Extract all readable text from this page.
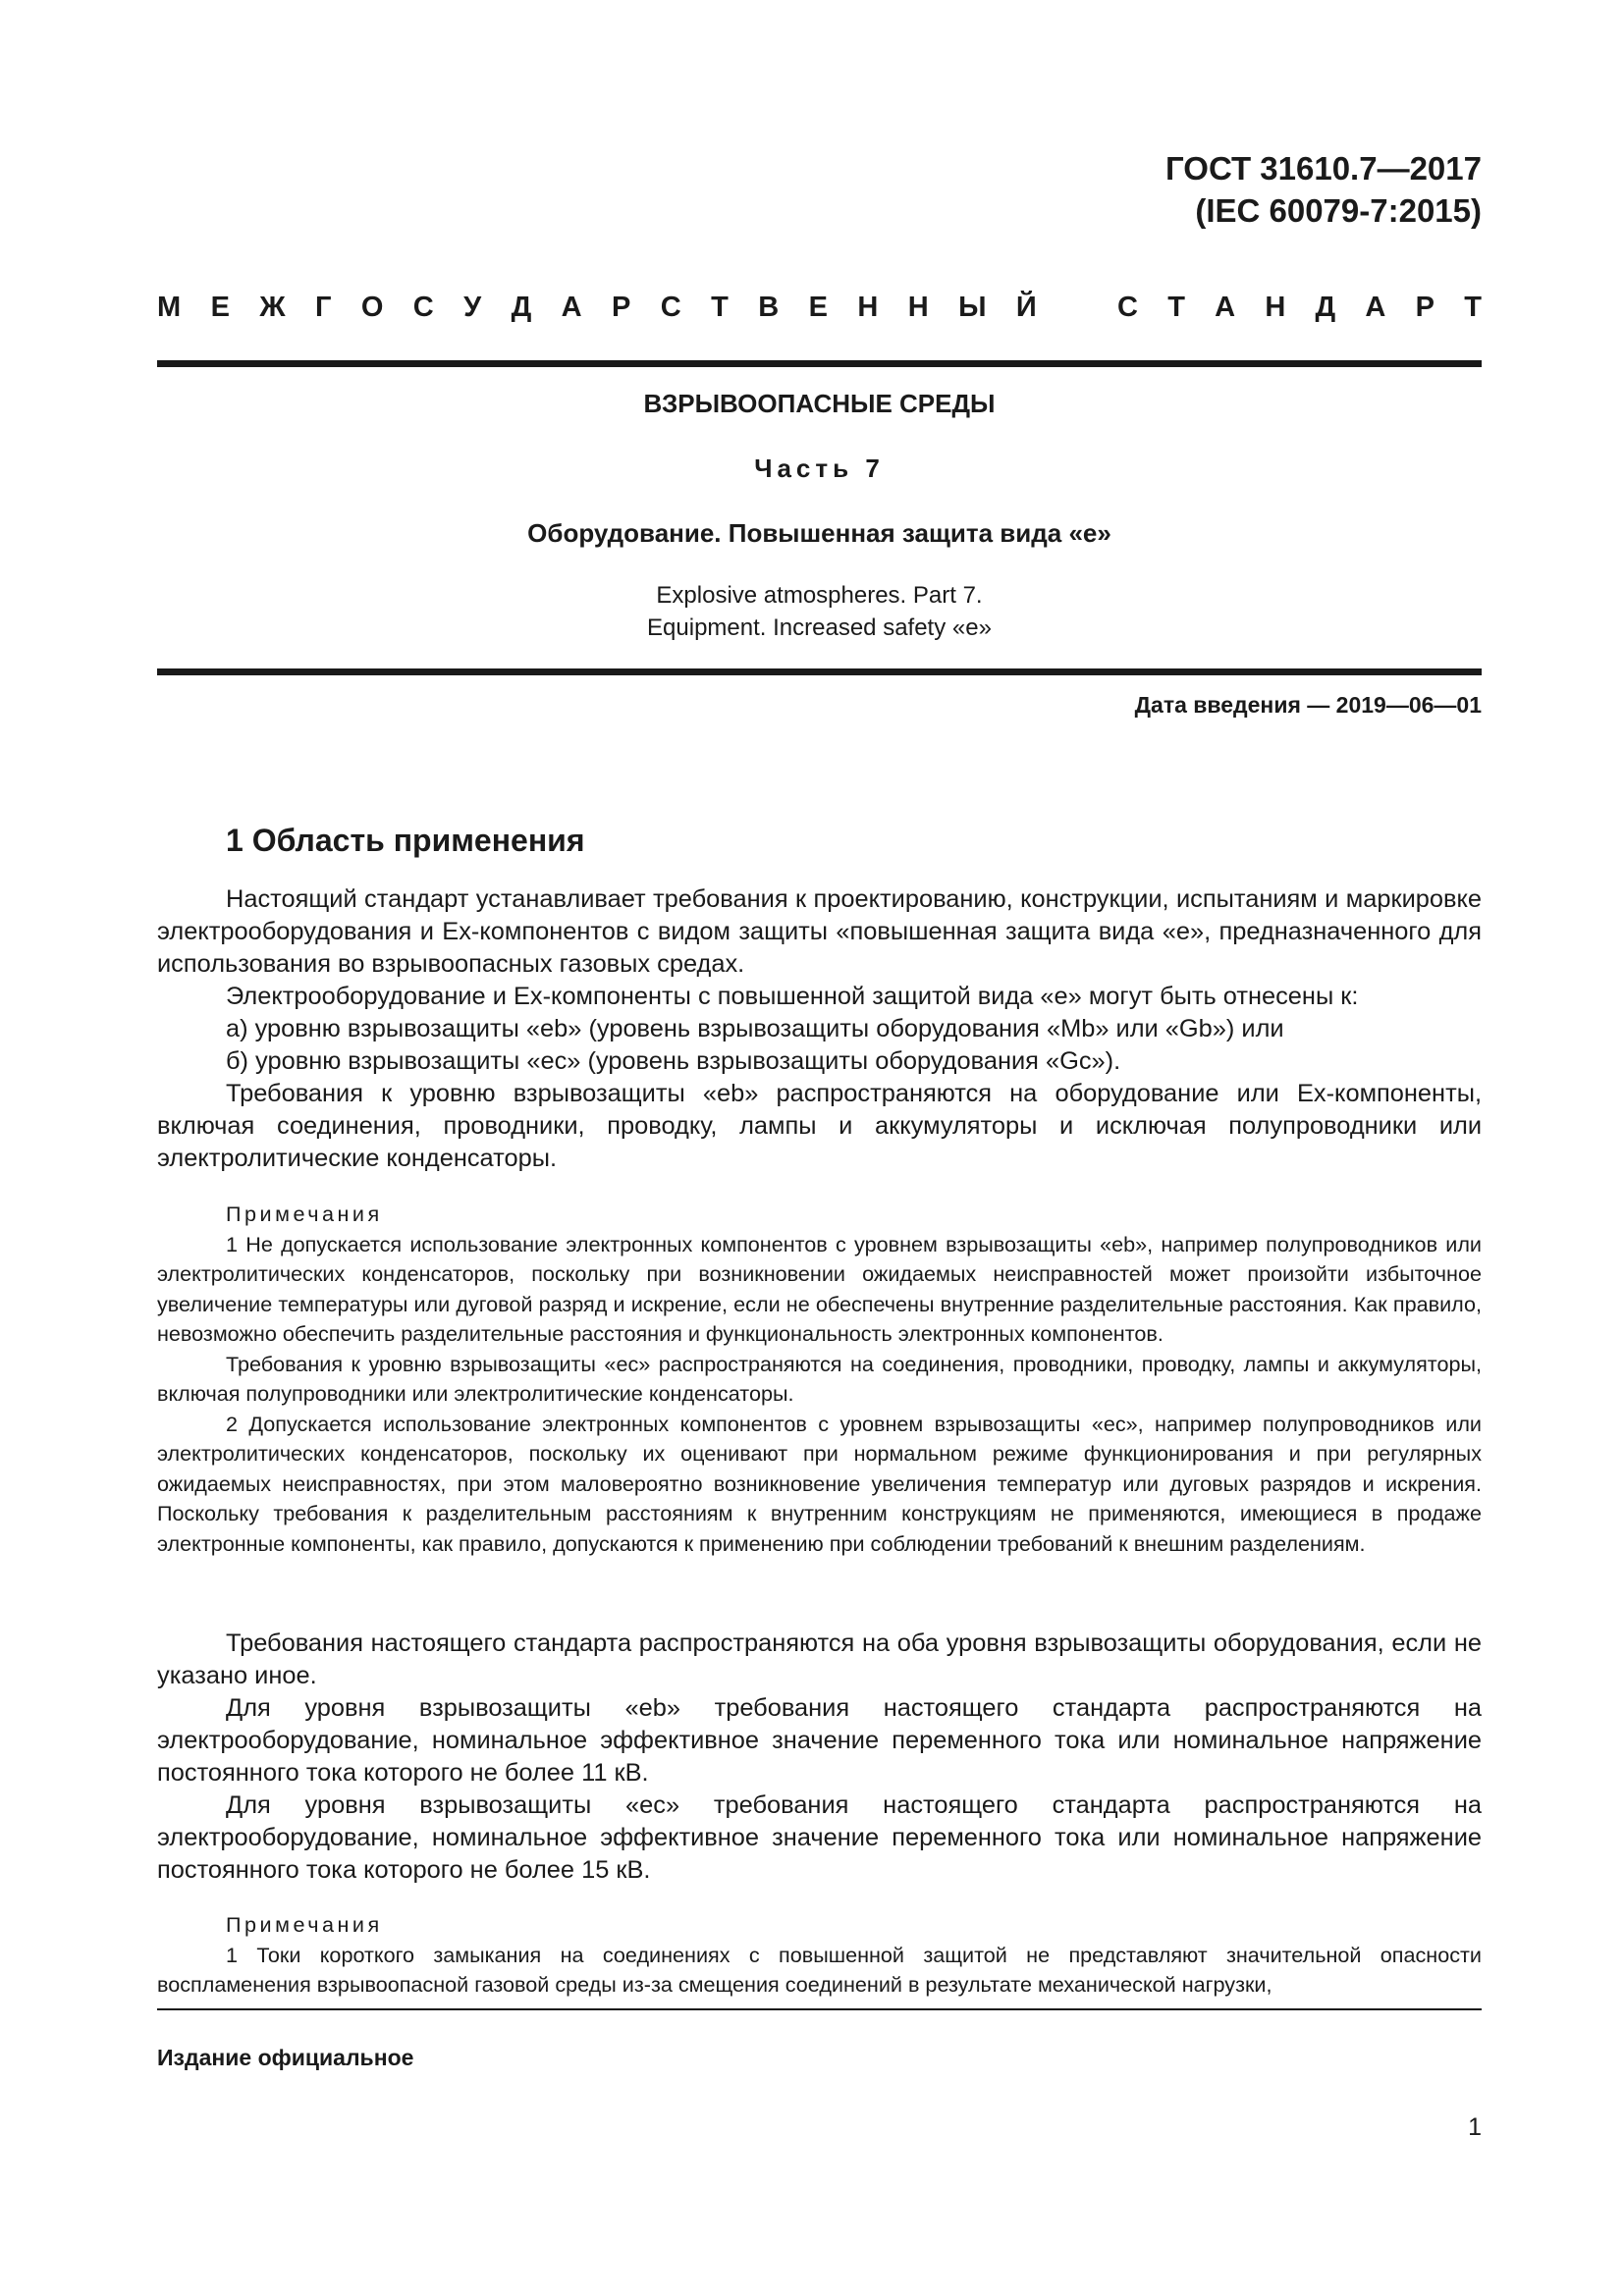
ГОСТ 31610.7—2017
(IEC 60079-7:2015)
М Е Ж Г О С У Д А Р С Т В Е Н Н Ы Й	С Т А Н Д А Р Т
ВЗРЫВООПАСНЫЕ СРЕДЫ
Часть 7
Оборудование. Повышенная защита вида «е»
Explosive atmospheres. Part 7.
Equipment. Increased safety «e»
Дата введения — 2019—06—01
1 Область применения

Настоящий стандарт устанавливает требования к проектированию, конструкции, испытаниям и маркировке электрооборудования и Ex-компонентов с видом защиты «повышенная защита вида «е», предназначенного для использования во взрывоопасных газовых средах.

Электрооборудование и Ex-компоненты с повышенной защитой вида «е» могут быть отнесены к:

а) уровню взрывозащиты «eb» (уровень взрывозащиты оборудования «Mb» или «Gb») или

б) уровню взрывозащиты «ec» (уровень взрывозащиты оборудования «Gc»).

Требования к уровню взрывозащиты «eb» распространяются на оборудование или Ex-компоненты, включая соединения, проводники, проводку, лампы и аккумуляторы и исключая полупроводники или электролитические конденсаторы.

Примечания

1 Не допускается использование электронных компонентов с уровнем взрывозащиты «eb», например полупроводников или электролитических конденсаторов, поскольку при возникновении ожидаемых неисправностей может произойти избыточное увеличение температуры или дуговой разряд и искрение, если не обеспечены внутренние разделительные расстояния. Как правило, невозможно обеспечить разделительные расстояния и функциональность электронных компонентов.

Требования к уровню взрывозащиты «ec» распространяются на соединения, проводники, проводку, лампы и аккумуляторы, включая полупроводники или электролитические конденсаторы.

2 Допускается использование электронных компонентов с уровнем взрывозащиты «ec», например полупроводников или электролитических конденсаторов, поскольку их оценивают при нормальном режиме функционирования и при регулярных ожидаемых неисправностях, при этом маловероятно возникновение увеличения температур или дуговых разрядов и искрения. Поскольку требования к разделительным расстояниям к внутренним конструкциям не применяются, имеющиеся в продаже электронные компоненты, как правило, допускаются к применению при соблюдении требований к внешним разделениям.

Требования настоящего стандарта распространяются на оба уровня взрывозащиты оборудования, если не указано иное.

Для уровня взрывозащиты «eb» требования настоящего стандарта распространяются на электрооборудование, номинальное эффективное значение переменного тока или номинальное напряжение постоянного тока которого не более 11 кВ.

Для уровня взрывозащиты «ec» требования настоящего стандарта распространяются на электрооборудование, номинальное эффективное значение переменного тока или номинальное напряжение постоянного тока которого не более 15 кВ.

Примечания

1 Токи короткого замыкания на соединениях с повышенной защитой не представляют значительной опасности воспламенения взрывоопасной газовой среды из-за смещения соединений в результате механической нагрузки,

Издание официальное
1
